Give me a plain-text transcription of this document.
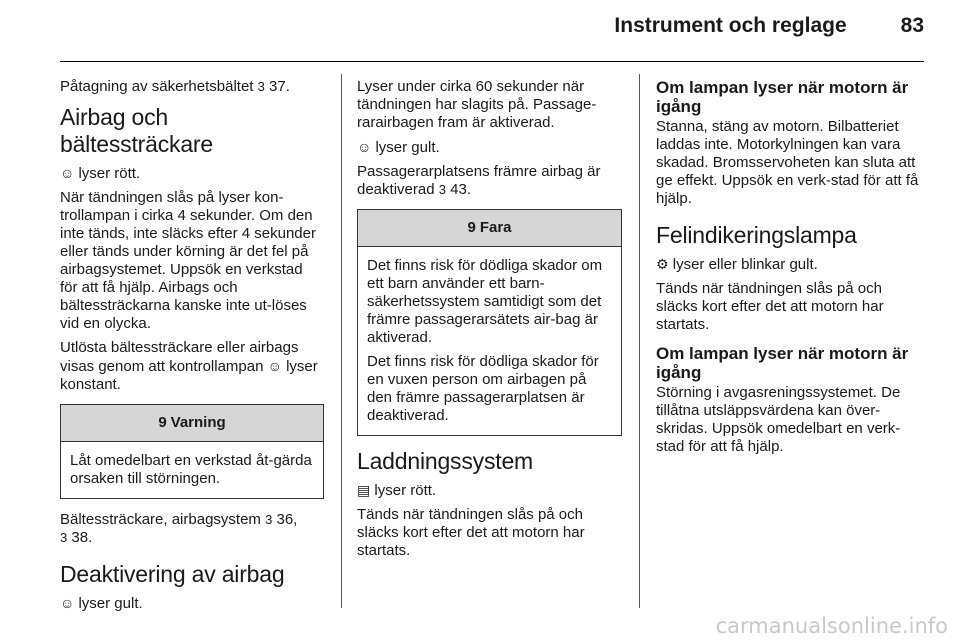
Instrument och reglage	83

Påtagning av säkerhetsbältet 3 37.

Airbag och bältessträckare

☺ lyser rött.

När tändningen slås på lyser kon-trollampan i cirka 4 sekunder. Om den inte tänds, inte släcks efter 4 sekunder eller tänds under körning är det fel på airbagsystemet. Uppsök en verkstad för att få hjälp. Airbags och bältessträckarna kanske inte ut-löses vid en olycka.

Utlösta bältessträckare eller airbags visas genom att kontrollampan ☺ lyser konstant.

9 Varning

Låt omedelbart en verkstad åt-gärda orsaken till störningen.

Bältessträckare, airbagsystem 3 36,
3 38.

Deaktivering av airbag

☺ lyser gult.

Lyser under cirka 60 sekunder när tändningen har slagits på. Passage-rarairbagen fram är aktiverad.

☺ lyser gult.

Passagerarplatsens främre airbag är deaktiverad 3 43.

9 Fara

Det finns risk för dödliga skador om ett barn använder ett barn-säkerhetssystem samtidigt som det främre passagerarsätets air-bag är aktiverad.

Det finns risk för dödliga skador för en vuxen person om airbagen på den främre passagerarplatsen är deaktiverad.

Laddningssystem

▤ lyser rött.

Tänds när tändningen slås på och släcks kort efter det att motorn har startats.

Om lampan lyser när motorn är igång

Stanna, stäng av motorn. Bilbatteriet laddas inte. Motorkylningen kan vara skadad. Bromsservoheten kan sluta att ge effekt. Uppsök en verk-stad för att få hjälp.

Felindikeringslampa

⚙ lyser eller blinkar gult.

Tänds när tändningen slås på och släcks kort efter det att motorn har startats.

Om lampan lyser när motorn är igång

Störning i avgasreningssystemet. De tillåtna utsläppsvärdena kan över-skridas. Uppsök omedelbart en verk-stad för att få hjälp.

carmanualsonline.info
